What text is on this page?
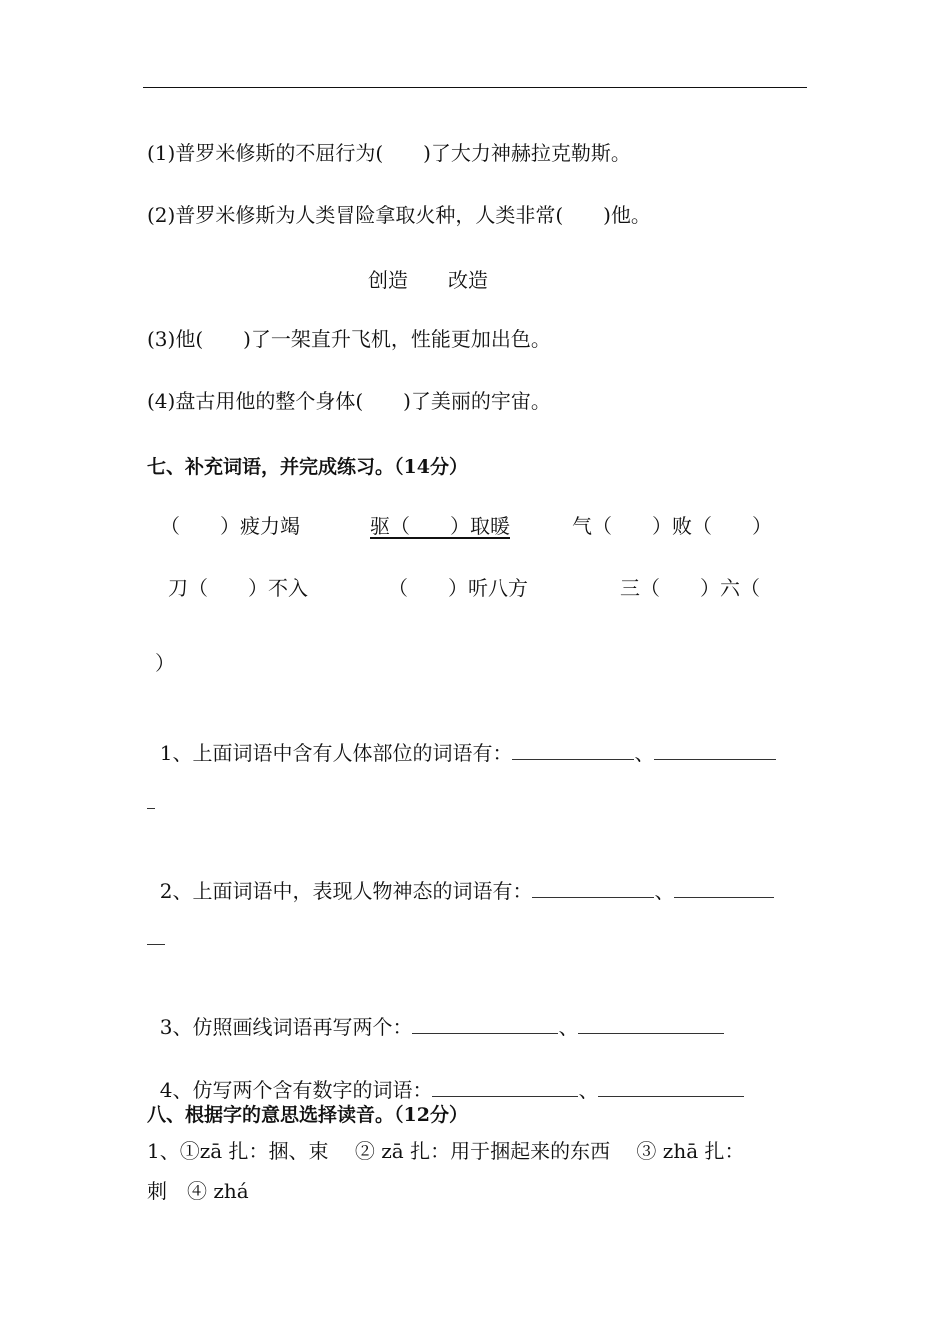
(1)普罗米修斯的不屈行为(　　)了大力神赫拉克勒斯。
(2)普罗米修斯为人类冒险拿取火种，人类非常(　　)他。
创造　　改造
(3)他(　　)了一架直升飞机，性能更加出色。
(4)盘古用他的整个身体(　　)了美丽的宇宙。
七、补充词语，并完成练习。（14分）
（　　）疲力竭	驱（　　）取暖	气（　　）败（　　）
刀（　　）不入	（　　）听八方	三（　　）六（
）

1、上面词语中含有人体部位的词语有：	、

2、上面词语中，表现人物神态的词语有：	、

3、仿照画线词语再写两个：	、

4、仿写两个含有数字的词语：	、

八、根据字的意思选择读音。（12分）
1、①zā 扎：捆、束　 ② zā 扎：用于捆起来的东西　 ③ zhā 扎：
刺　④ zhá
